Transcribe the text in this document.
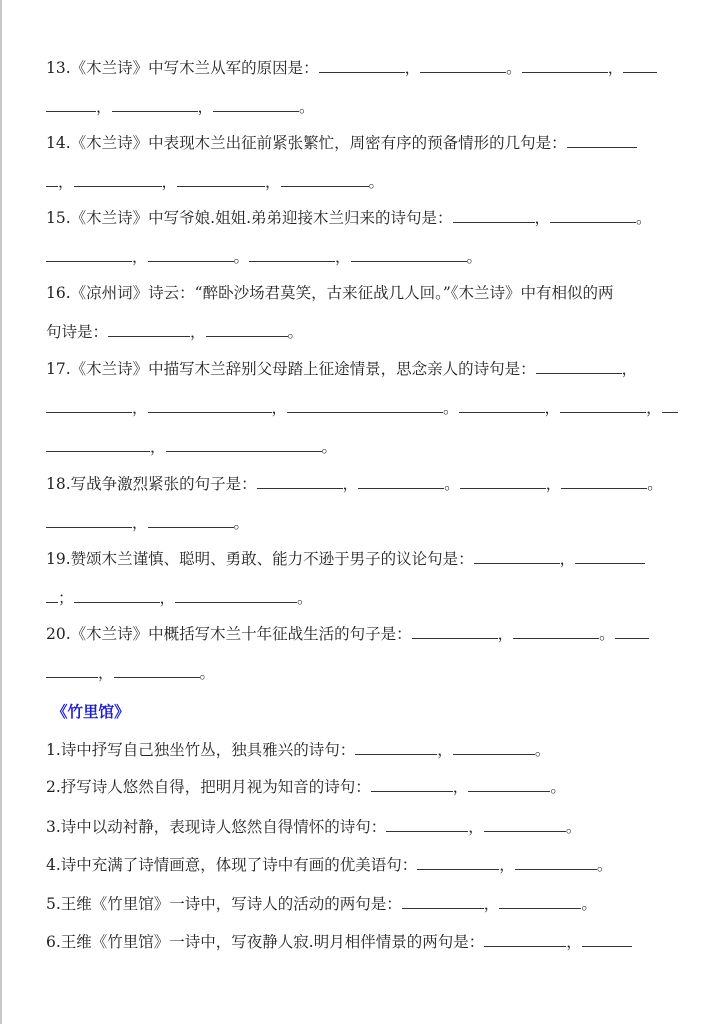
13.《木兰诗》中写木兰从军的原因是：	，	。	，
，	，	。
14.《木兰诗》中表现木兰出征前紧张繁忙，周密有序的预备情形的几句是：
，	，	，	。
15.《木兰诗》中写爷娘.姐姐.弟弟迎接木兰归来的诗句是：	，	。
，	。	，	。
16.《凉州词》诗云：“醉卧沙场君莫笑，古来征战几人回。”《木兰诗》中有相似的两
句诗是：	，	。
17.《木兰诗》中描写木兰辞别父母踏上征途情景，思念亲人的诗句是：	，
，	，	。	，	，
，	。
18.写战争激烈紧张的句子是：	，	。	，	。
，	。
19.赞颂木兰谨慎、聪明、勇敢、能力不逊于男子的议论句是：	，
；	，	。
20.《木兰诗》中概括写木兰十年征战生活的句子是：	，	。
，	。
《竹里馆》
1.诗中抒写自己独坐竹丛，独具雅兴的诗句：	，	。
2.抒写诗人悠然自得，把明月视为知音的诗句：	，	。
3.诗中以动衬静，表现诗人悠然自得情怀的诗句：	，	。
4.诗中充满了诗情画意，体现了诗中有画的优美语句：	，	。
5.王维《竹里馆》一诗中，写诗人的活动的两句是：	，	。
6.王维《竹里馆》一诗中，写夜静人寂.明月相伴情景的两句是：	，
